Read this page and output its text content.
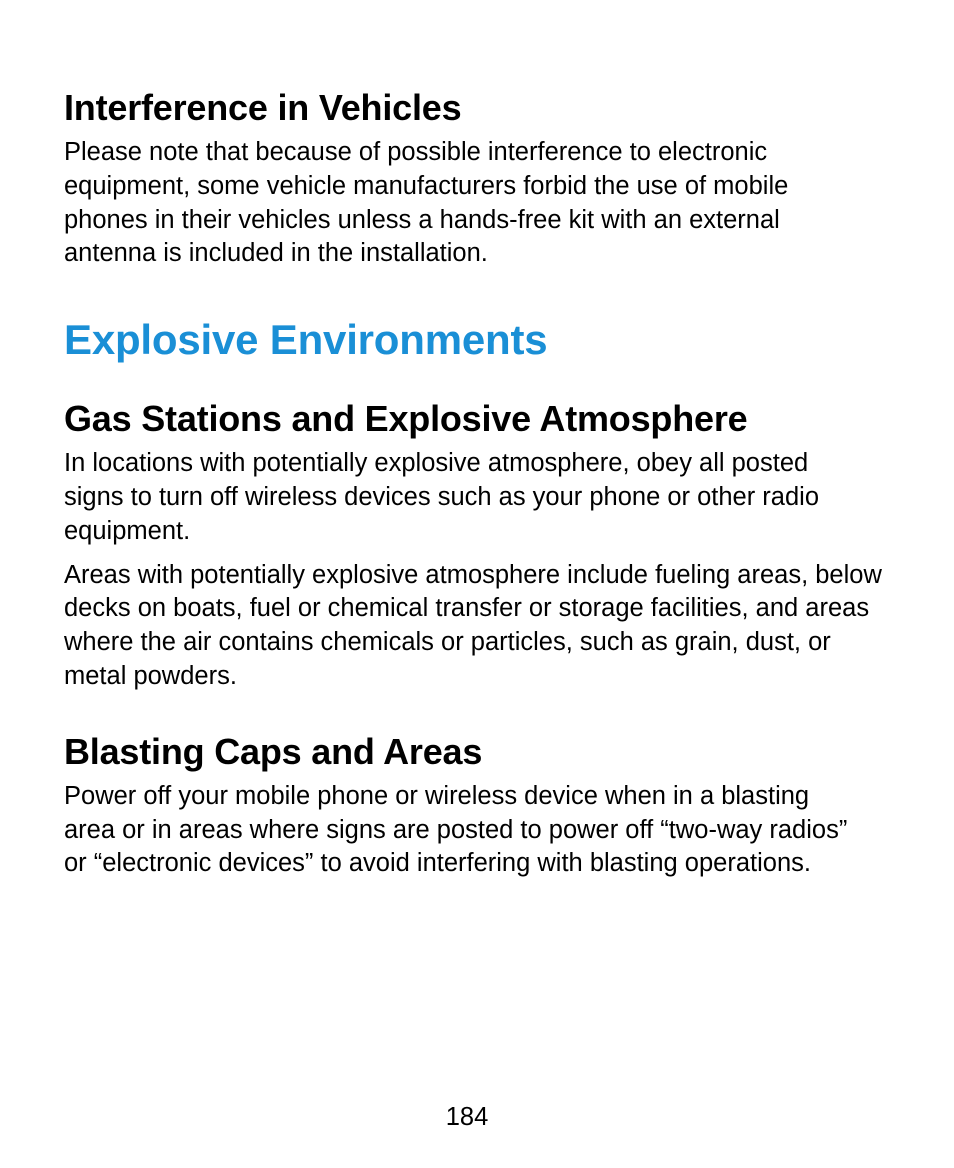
Interference in Vehicles

Please note that because of possible interference to electronic equipment, some vehicle manufacturers forbid the use of mobile phones in their vehicles unless a hands-free kit with an external antenna is included in the installation.

Explosive Environments
Gas Stations and Explosive Atmosphere

In locations with potentially explosive atmosphere, obey all posted signs to turn off wireless devices such as your phone or other radio equipment.

Areas with potentially explosive atmosphere include fueling areas, below decks on boats, fuel or chemical transfer or storage facilities, and areas where the air contains chemicals or particles, such as grain, dust, or metal powders.

Blasting Caps and Areas

Power off your mobile phone or wireless device when in a blasting area or in areas where signs are posted to power off “two-way radios” or “electronic devices” to avoid interfering with blasting operations.

184
